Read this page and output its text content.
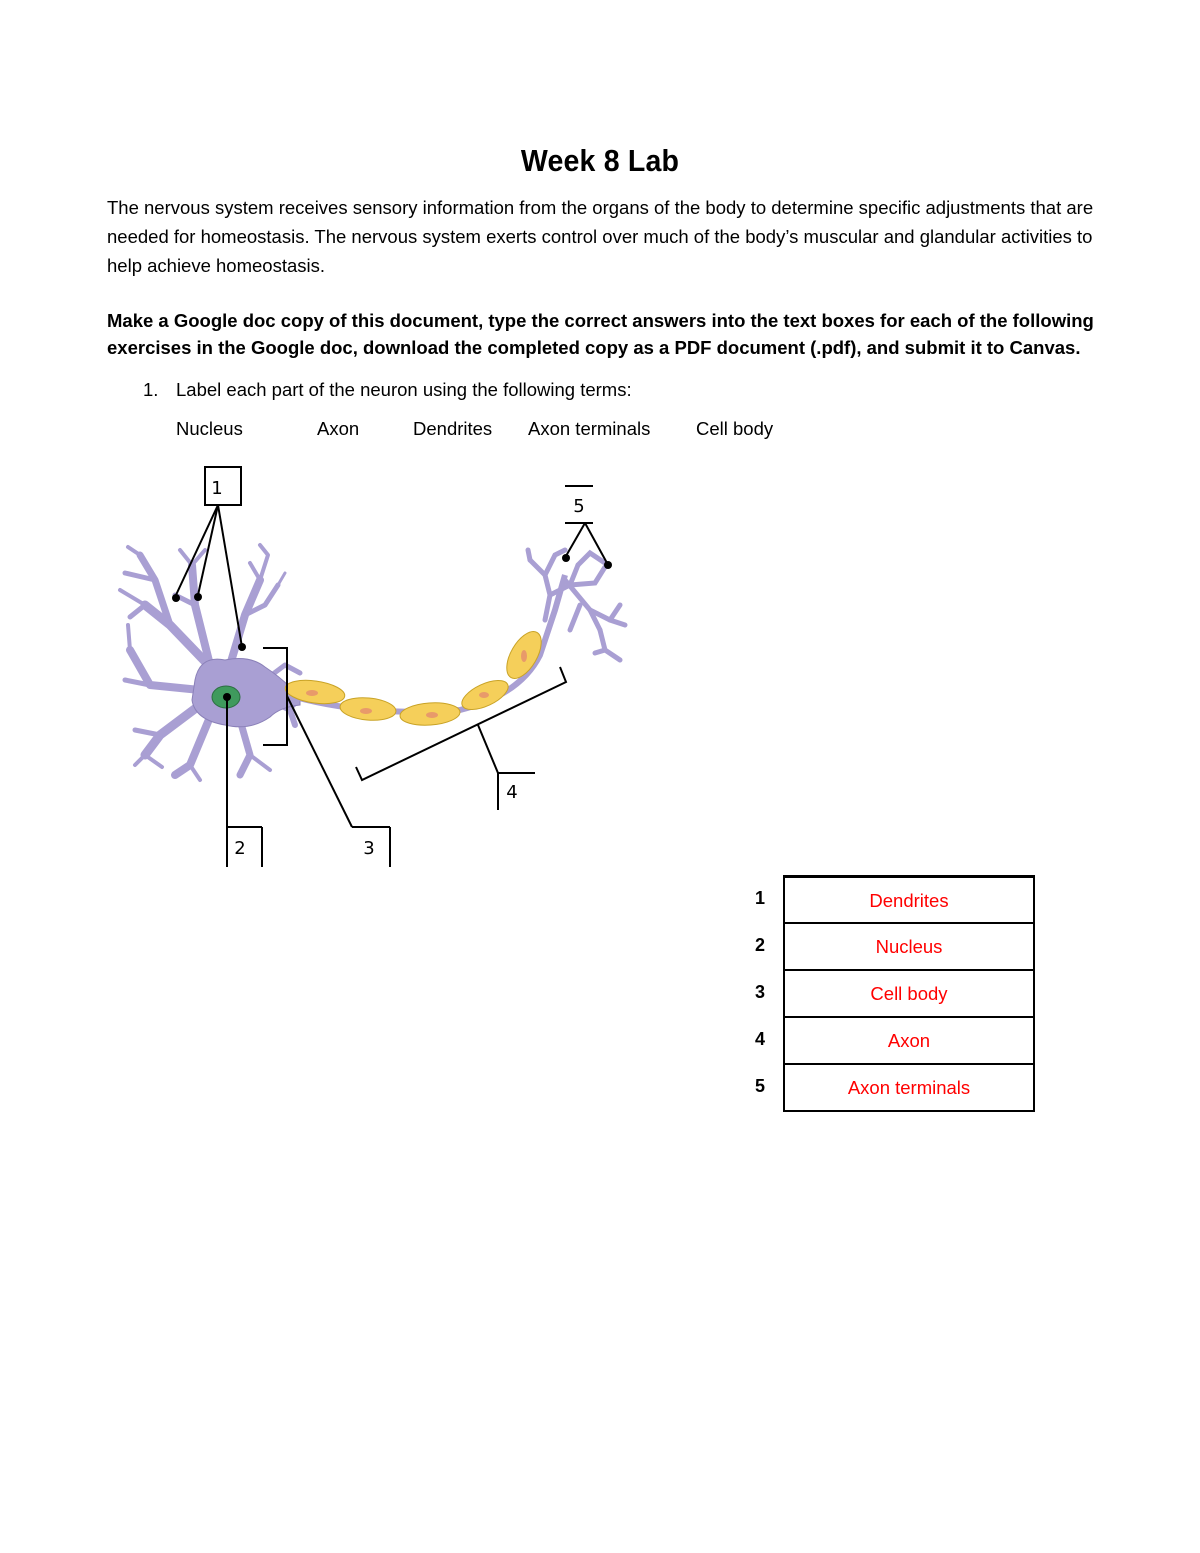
Week 8 Lab
The nervous system receives sensory information from the organs of the body to determine specific adjustments that are needed for homeostasis. The nervous system exerts control over much of the body’s muscular and glandular activities to help achieve homeostasis.
Make a Google doc copy of this document, type the correct answers into the text boxes for each of the following exercises in the Google doc, download the completed copy as a PDF document (.pdf), and submit it to Canvas.
1. Label each part of the neuron using the following terms:
Nucleus	Axon	Dendrites Axon terminals Cell body
1
2	3
4
5
1	Dendrites
2	Nucleus
3	Cell body
4	Axon
5	Axon terminals
